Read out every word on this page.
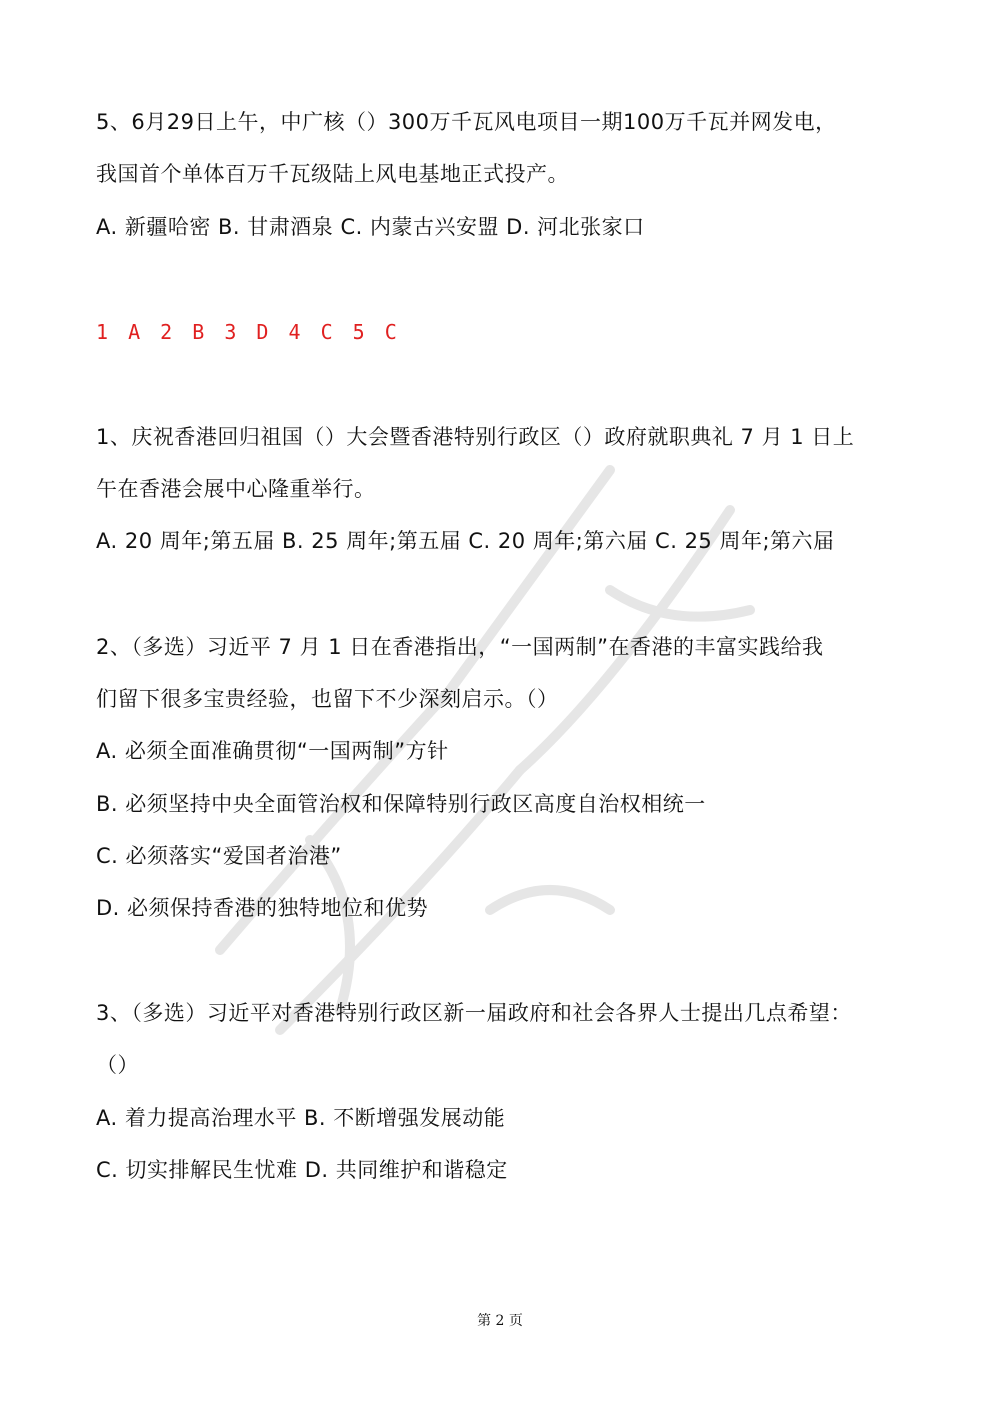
5、6月29日上午，中广核（）300万千瓦风电项目一期100万千瓦并网发电，
我国首个单体百万千瓦级陆上风电基地正式投产。
A. 新疆哈密 B. 甘肃酒泉 C. 内蒙古兴安盟 D. 河北张家口
1 A 2 B 3 D 4 C 5 C
1、庆祝香港回归祖国（）大会暨香港特别行政区（）政府就职典礼 7 月 1 日上
午在香港会展中心隆重举行。
A. 20 周年;第五届 B. 25 周年;第五届 C. 20 周年;第六届 C. 25 周年;第六届
2、（多选）习近平 7 月 1 日在香港指出，“一国两制”在香港的丰富实践给我
们留下很多宝贵经验，也留下不少深刻启示。（）
A. 必须全面准确贯彻“一国两制”方针
B. 必须坚持中央全面管治权和保障特别行政区高度自治权相统一
C. 必须落实“爱国者治港”
D. 必须保持香港的独特地位和优势
3、（多选）习近平对香港特别行政区新一届政府和社会各界人士提出几点希望：
（）
A. 着力提高治理水平 B. 不断增强发展动能
C. 切实排解民生忧难 D. 共同维护和谐稳定
第 2 页
